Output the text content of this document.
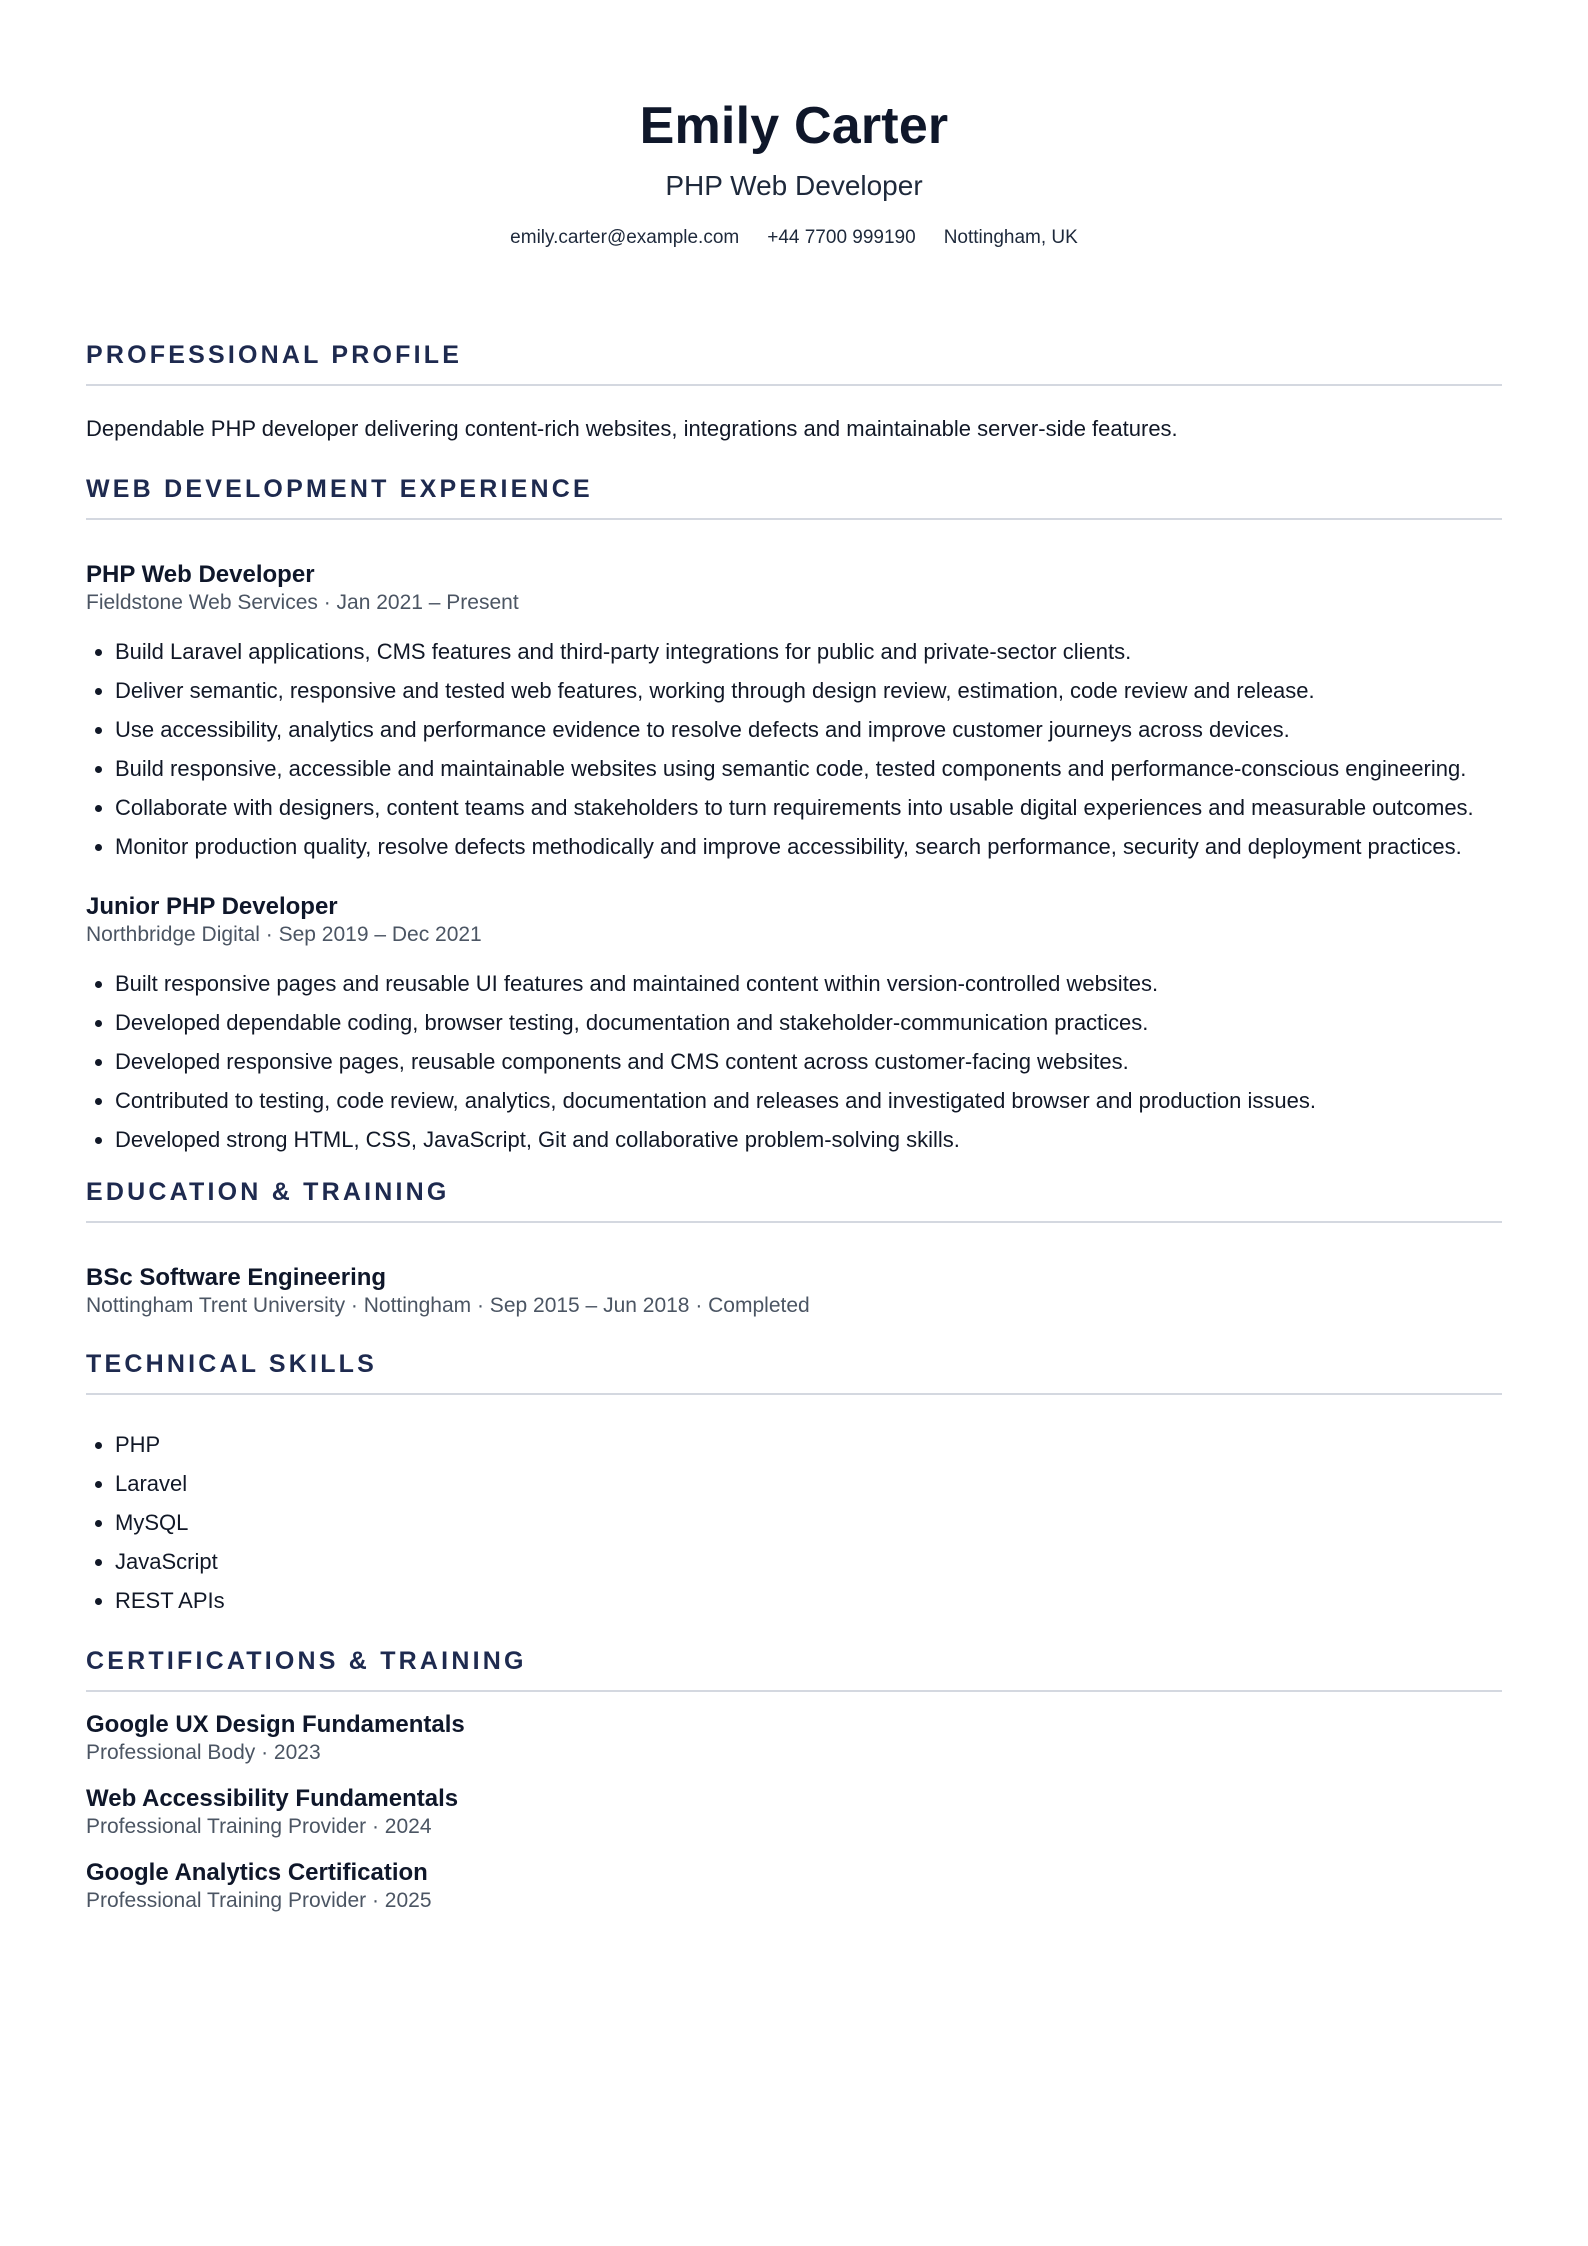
Emily Carter
PHP Web Developer
emily.carter@example.com +44 7700 999190 Nottingham, UK
PROFESSIONAL PROFILE
Dependable PHP developer delivering content-rich websites, integrations and maintainable server-side features.
WEB DEVELOPMENT EXPERIENCE
PHP Web Developer
Fieldstone Web Services · Jan 2021 – Present
• Build Laravel applications, CMS features and third-party integrations for public and private-sector clients.
• Deliver semantic, responsive and tested web features, working through design review, estimation, code review and release.
• Use accessibility, analytics and performance evidence to resolve defects and improve customer journeys across devices.
• Build responsive, accessible and maintainable websites using semantic code, tested components and performance-conscious engineering.
• Collaborate with designers, content teams and stakeholders to turn requirements into usable digital experiences and measurable outcomes.
• Monitor production quality, resolve defects methodically and improve accessibility, search performance, security and deployment practices.
Junior PHP Developer
Northbridge Digital · Sep 2019 – Dec 2021
• Built responsive pages and reusable UI features and maintained content within version-controlled websites.
• Developed dependable coding, browser testing, documentation and stakeholder-communication practices.
• Developed responsive pages, reusable components and CMS content across customer-facing websites.
• Contributed to testing, code review, analytics, documentation and releases and investigated browser and production issues.
• Developed strong HTML, CSS, JavaScript, Git and collaborative problem-solving skills.
EDUCATION & TRAINING
BSc Software Engineering
Nottingham Trent University · Nottingham · Sep 2015 – Jun 2018 · Completed
TECHNICAL SKILLS
• PHP
• Laravel
• MySQL
• JavaScript
• REST APIs
CERTIFICATIONS & TRAINING
Google UX Design Fundamentals
Professional Body · 2023
Web Accessibility Fundamentals
Professional Training Provider · 2024
Google Analytics Certification
Professional Training Provider · 2025
